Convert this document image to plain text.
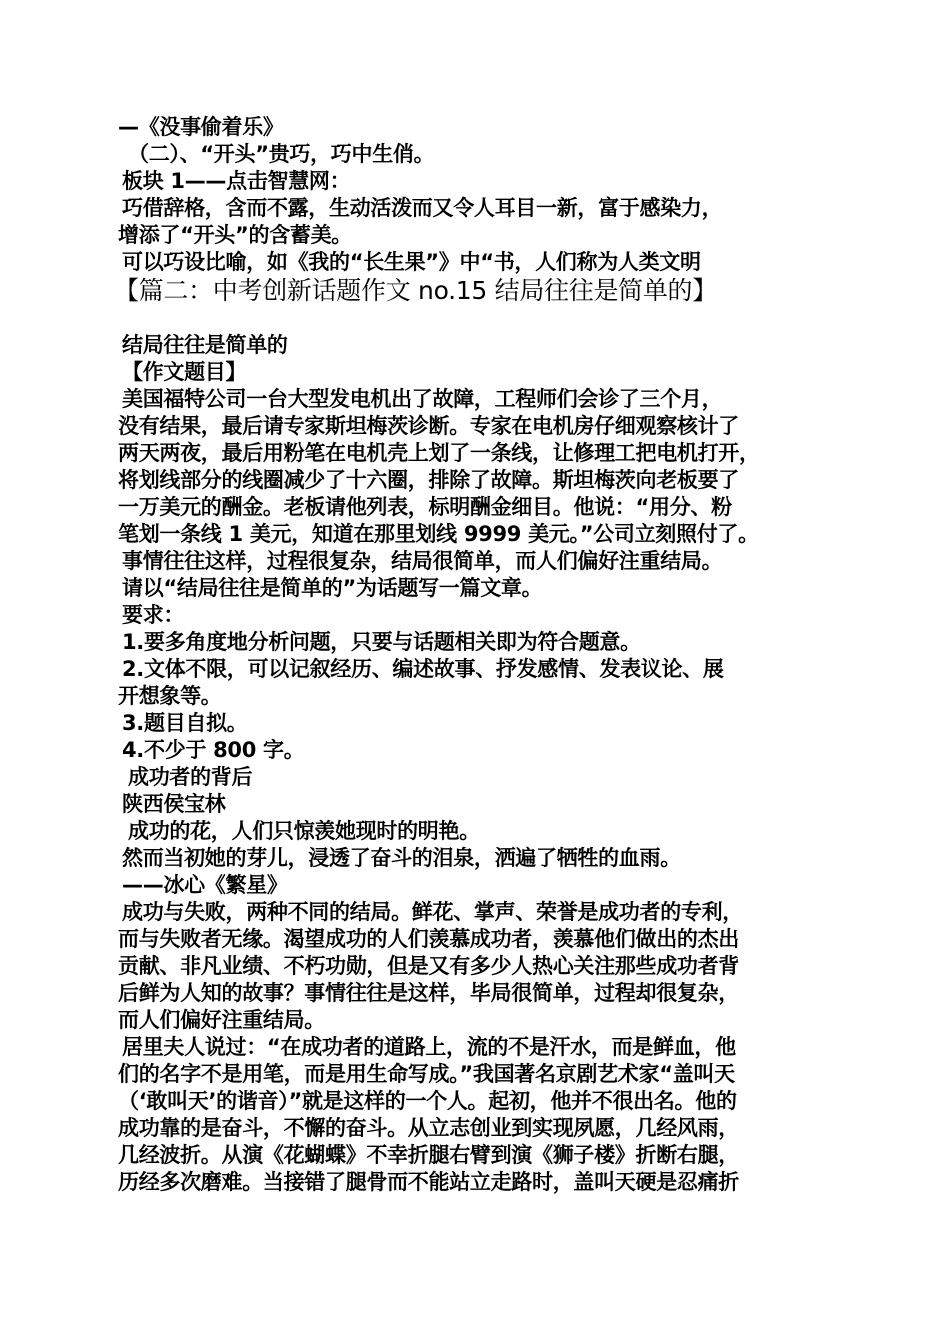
—《没事偷着乐》

（二）、“开头”贵巧，巧中生俏。

板块 1——点击智慧网：

巧借辞格，含而不露，生动活泼而又令人耳目一新，富于感染力，

增添了“开头”的含蓄美。

可以巧设比喻，如《我的“长生果”》中“书，人们称为人类文明

【篇二：中考创新话题作文 no.15 结局往往是简单的】

结局往往是简单的

【作文题目】

美国福特公司一台大型发电机出了故障，工程师们会诊了三个月，

没有结果，最后请专家斯坦梅茨诊断。专家在电机房仔细观察核计了

两天两夜，最后用粉笔在电机壳上划了一条线，让修理工把电机打开，

将划线部分的线圈减少了十六圈，排除了故障。斯坦梅茨向老板要了

一万美元的酬金。老板请他列表，标明酬金细目。他说：“用分、粉

笔划一条线 1 美元，知道在那里划线 9999 美元。”公司立刻照付了。

事情往往这样，过程很复杂，结局很简单，而人们偏好注重结局。

请以“结局往往是简单的”为话题写一篇文章。

要求：

1.要多角度地分析问题，只要与话题相关即为符合题意。

2.文体不限，可以记叙经历、编述故事、抒发感情、发表议论、展

开想象等。

3.题目自拟。

4.不少于 800 字。

成功者的背后

陕西侯宝林

成功的花，人们只惊羡她现时的明艳。

然而当初她的芽儿，浸透了奋斗的泪泉，洒遍了牺牲的血雨。

——冰心《繁星》

成功与失败，两种不同的结局。鲜花、掌声、荣誉是成功者的专利，

而与失败者无缘。渴望成功的人们羡慕成功者，羡慕他们做出的杰出

贡献、非凡业绩、不朽功勋，但是又有多少人热心关注那些成功者背

后鲜为人知的故事？事情往往是这样，毕局很简单，过程却很复杂，

而人们偏好注重结局。

居里夫人说过：“在成功者的道路上，流的不是汗水，而是鲜血，他

们的名字不是用笔，而是用生命写成。”我国著名京剧艺术家“盖叫天

（‘敢叫天’的谐音）”就是这样的一个人。起初，他并不很出名。他的

成功靠的是奋斗，不懈的奋斗。从立志创业到实现夙愿，几经风雨，

几经波折。从演《花蝴蝶》不幸折腿右臂到演《狮子楼》折断右腿，

历经多次磨难。当接错了腿骨而不能站立走路时，盖叫天硬是忍痛折
